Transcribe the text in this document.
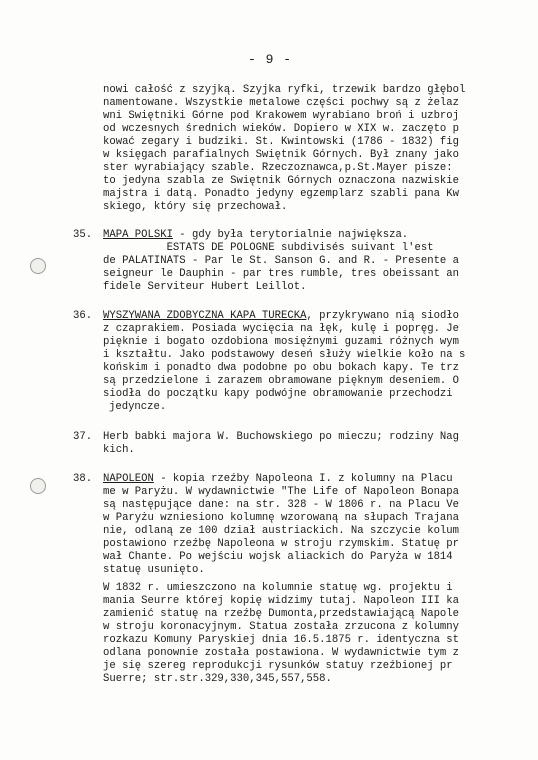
- 9 -
nowi całość z szyjką. Szyjka ryfki, trzewik bardzo głębol
namentowane. Wszystkie metalowe części pochwy są z żelaz
wni Świętniki Górne pod Krakowem wyrabiano broń i uzbroj
od wczesnych średnich wieków. Dopiero w XIX w. zaczęto p
kować zegary i budziki. St. Kwintowski (1786 - 1832) fig
w księgach parafialnych Świętnik Górnych. Był znany jako
ster wyrabiający szable. Rzeczoznawca,p.St.Mayer pisze:
to jedyna szabla ze Świętnik Górnych oznaczona nazwiskie
majstra i datą. Ponadto jedyny egzemplarz szabli pana Kw
skiego, który się przechował.
35. MAPA POLSKI - gdy była terytorialnie największa.
ÉSTATS DE POLOGNE subdivisés suivant l'est
de PALATINATS - Par le St. Sanson G. and R. - Presente a
seigneur le Dauphin - par tres rumble, tres obeissant an
fidele Serviteur Hubert Leillot.
36. WYSZYWANA ZDOBYCZNA KAPA TURECKA, przykrywano nią siodło
z czaprakiem. Posiada wycięcia na łęk, kulę i popręg. Je
pięknie i bogato ozdobiona mosiężnymi guzami różnych wym
i kształtu. Jako podstawowy deseń służy wielkie koło na s
końskim i ponadto dwa podobne po obu bokach kapy. Te trz
są przedzielone i zarazem obramowane pięknym deseniem. O
siodła do początku kapy podwójne obramowanie przechodzi
jedyncze.
37. Herb babki majora W. Buchowskiego po mieczu; rodziny Nag
kich.
38. NAPOLEON - kopia rzeźby Napoleona I. z kolumny na Placu
me w Paryżu. W wydawnictwie "The Life of Napoleon Bonapa
są następujące dane: na str. 328 - W 1806 r. na Placu Ve
w Paryżu wzniesiono kolumnę wzorowaną na słupach Trajana
nie, odlaną ze 100 dział austriackich. Na szczycie kolum
postawiono rzeźbę Napoleona w stroju rzymskim. Statuę pr
wał Chante. Po wejściu wojsk aliackich do Paryża w 1814
statuę usunięto.
W 1832 r. umieszczono na kolumnie statuę wg. projektu i
mania Seurre której kopię widzimy tutaj. Napoleon III ka
zamienić statuę na rzeźbę Dumonta,przedstawiającą Napole
w stroju koronacyjnym. Statua została zrzucona z kolumny
rozkazu Komuny Paryskiej dnia 16.5.1875 r. identyczna st
odlana ponownie została postawiona. W wydawnictwie tym z
je się szereg reprodukcji rysunków statuy rzeźbionej pr
Suerre; str.str.329,330,345,557,558.
